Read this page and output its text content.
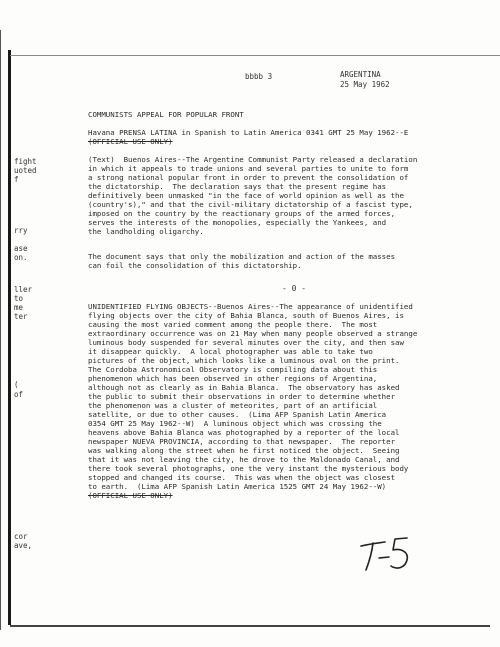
bbbb 3	ARGENTINA
25 May 1962
fight
uoted
f
rry
ase
on.
ller
to
me
ter
(
of
cor
ave,
COMMUNISTS APPEAL FOR POPULAR FRONT
Havana PRENSA LATINA in Spanish to Latin America 0341 GMT 25 May 1962--E
(OFFICIAL USE ONLY)
(Text)  Buenos Aires--The Argentine Communist Party released a declaration
in which it appeals to trade unions and several parties to unite to form
a strong national popular front in order to prevent the consolidation of
the dictatorship.  The declaration says that the present regime has
definitively been unmasked "in the face of world opinion as well as the
(country's)," and that the civil-military dictatorship of a fascist type,
imposed on the country by the reactionary groups of the armed forces,
serves the interests of the monopolies, especially the Yankees, and
the landholding oligarchy.
The document says that only the mobilization and action of the masses
can foil the consolidation of this dictatorship.
- 0 -
UNIDENTIFIED FLYING OBJECTS--Buenos Aires--The appearance of unidentified
flying objects over the city of Bahia Blanca, south of Buenos Aires, is
causing the most varied comment among the people there.  The most
extraordinary occurrence was on 21 May when many people observed a strange
luminous body suspended for several minutes over the city, and then saw
it disappear quickly.  A local photographer was able to take two
pictures of the object, which looks like a luminous oval on the print.
The Cordoba Astronomical Observatory is compiling data about this
phenomenon which has been observed in other regions of Argentina,
although not as clearly as in Bahia Blanca.  The observatory has asked
the public to submit their observations in order to determine whether
the phenomenon was a cluster of meteorites, part of an artificial
satellite, or due to other causes.  (Lima AFP Spanish Latin America
0354 GMT 25 May 1962--W)  A luminous object which was crossing the
heavens above Bahia Blanca was photographed by a reporter of the local
newspaper NUEVA PROVINCIA, according to that newspaper.  The reporter
was walking along the street when he first noticed the object.  Seeing
that it was not leaving the city, he drove to the Maldonado Canal, and
there took several photographs, one the very instant the mysterious body
stopped and changed its course.  This was when the object was closest
to earth.  (Lima AFP Spanish Latin America 1525 GMT 24 May 1962--W)
(OFFICIAL USE ONLY)
